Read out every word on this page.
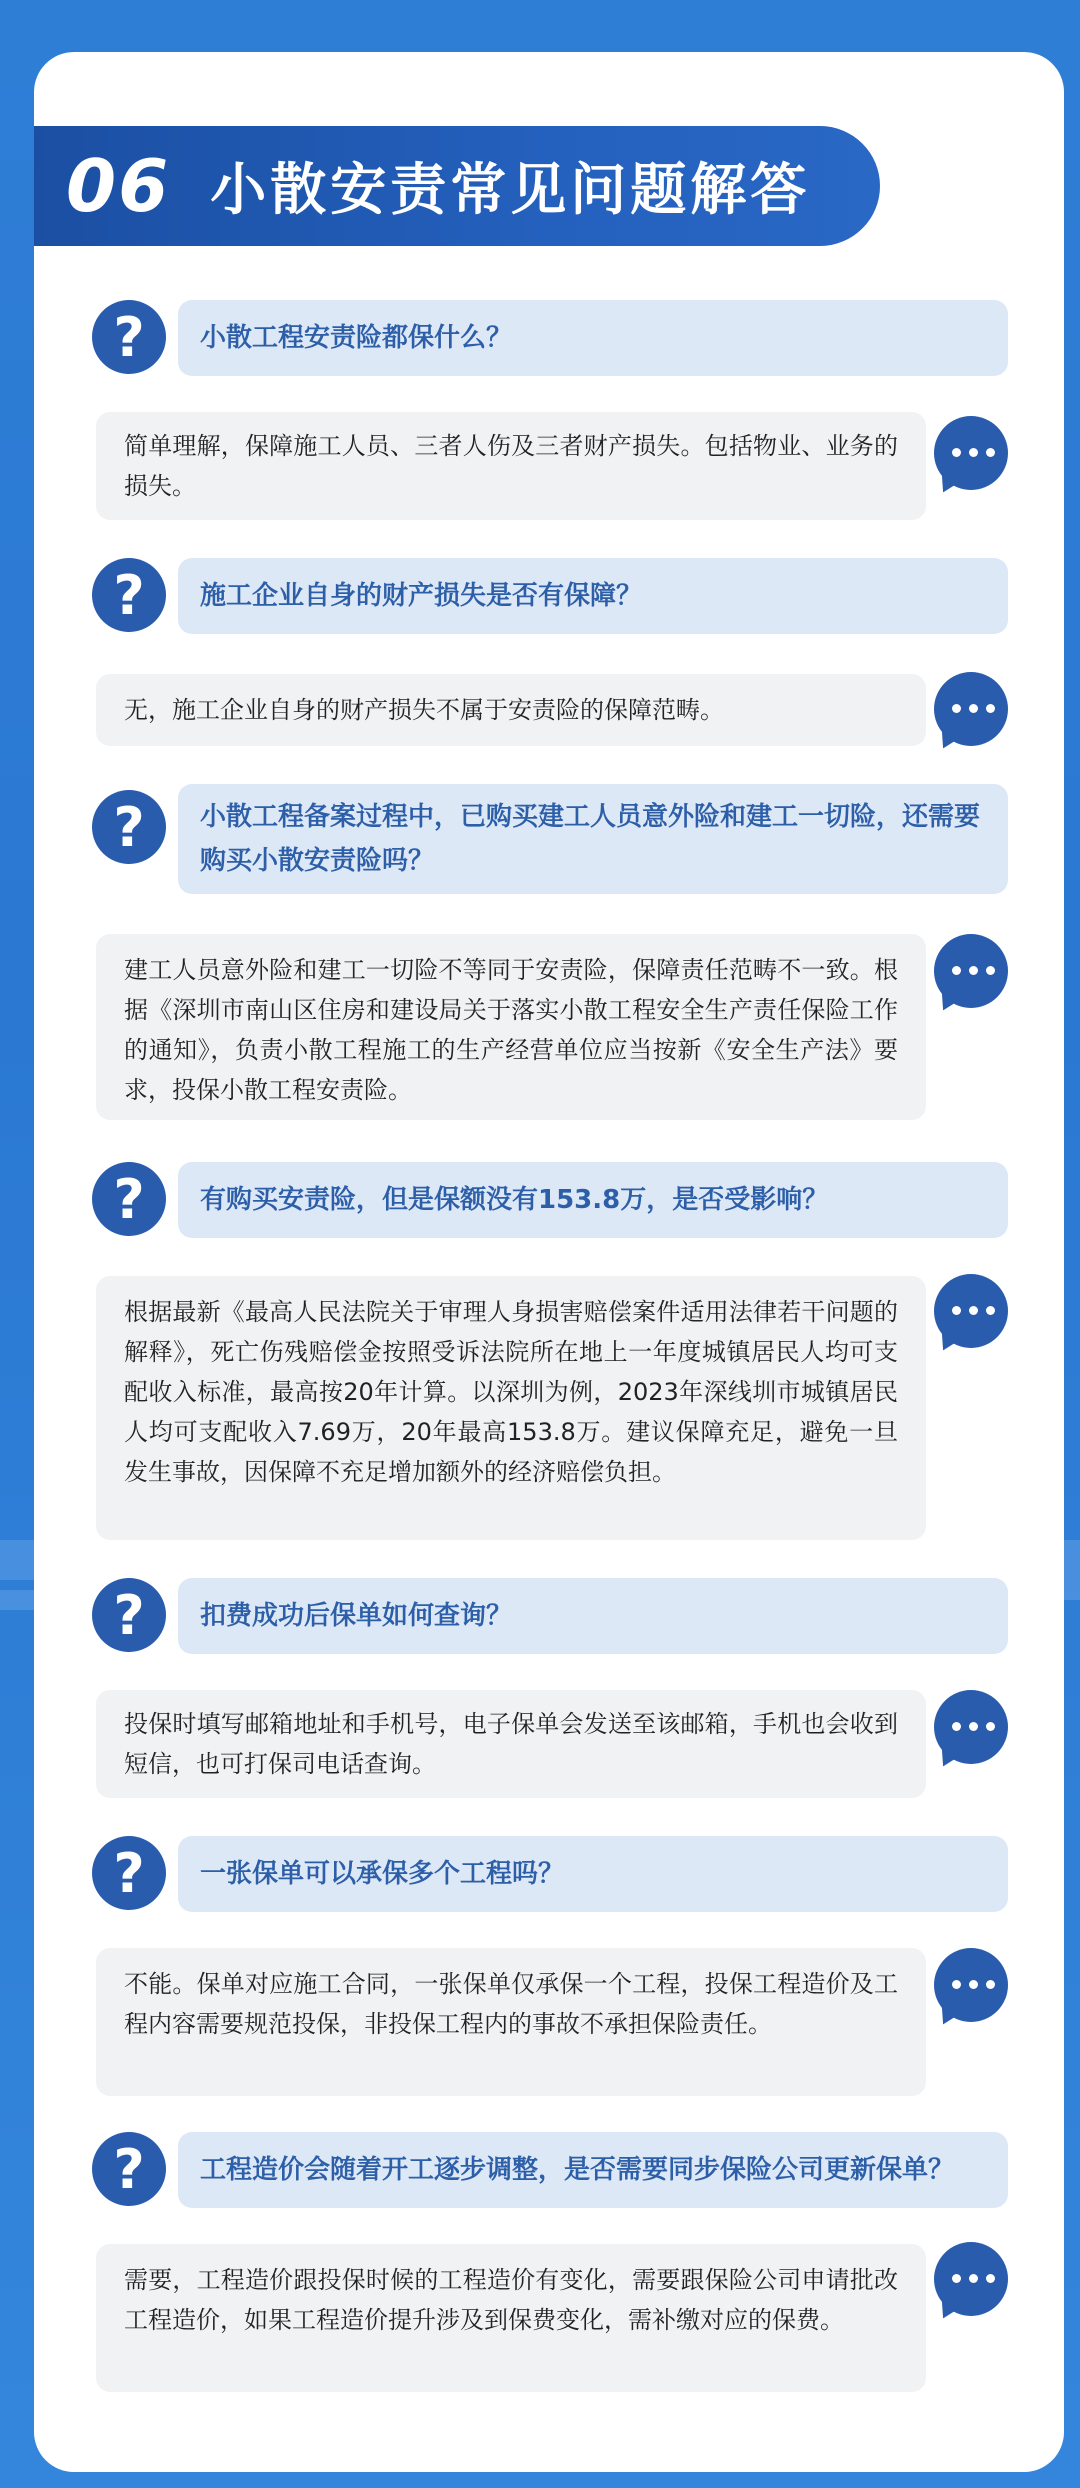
06 小散安责常见问题解答
?	小散工程安责险都保什么？
简单理解，保障施工人员、三者人伤及三者财产损失。包括物业、业务的损失。
?	施工企业自身的财产损失是否有保障？
无，施工企业自身的财产损失不属于安责险的保障范畴。
?	小散工程备案过程中，已购买建工人员意外险和建工一切险，还需要购买小散安责险吗？
建工人员意外险和建工一切险不等同于安责险，保障责任范畴不一致。根据《深圳市南山区住房和建设局关于落实小散工程安全生产责任保险工作的通知》，负责小散工程施工的生产经营单位应当按新《安全生产法》要求，投保小散工程安责险。
?	有购买安责险，但是保额没有153.8万，是否受影响？
根据最新《最高人民法院关于审理人身损害赔偿案件适用法律若干问题的解释》，死亡伤残赔偿金按照受诉法院所在地上一年度城镇居民人均可支配收入标准，最高按20年计算。以深圳为例，2023年深线圳市城镇居民人均可支配收入7.69万，20年最高153.8万。建议保障充足，避免一旦发生事故，因保障不充足增加额外的经济赔偿负担。
?	扣费成功后保单如何查询？
投保时填写邮箱地址和手机号，电子保单会发送至该邮箱，手机也会收到短信，也可打保司电话查询。
?	一张保单可以承保多个工程吗？
不能。保单对应施工合同，一张保单仅承保一个工程，投保工程造价及工程内容需要规范投保，非投保工程内的事故不承担保险责任。
?	工程造价会随着开工逐步调整，是否需要同步保险公司更新保单？
需要，工程造价跟投保时候的工程造价有变化，需要跟保险公司申请批改工程造价，如果工程造价提升涉及到保费变化，需补缴对应的保费。
